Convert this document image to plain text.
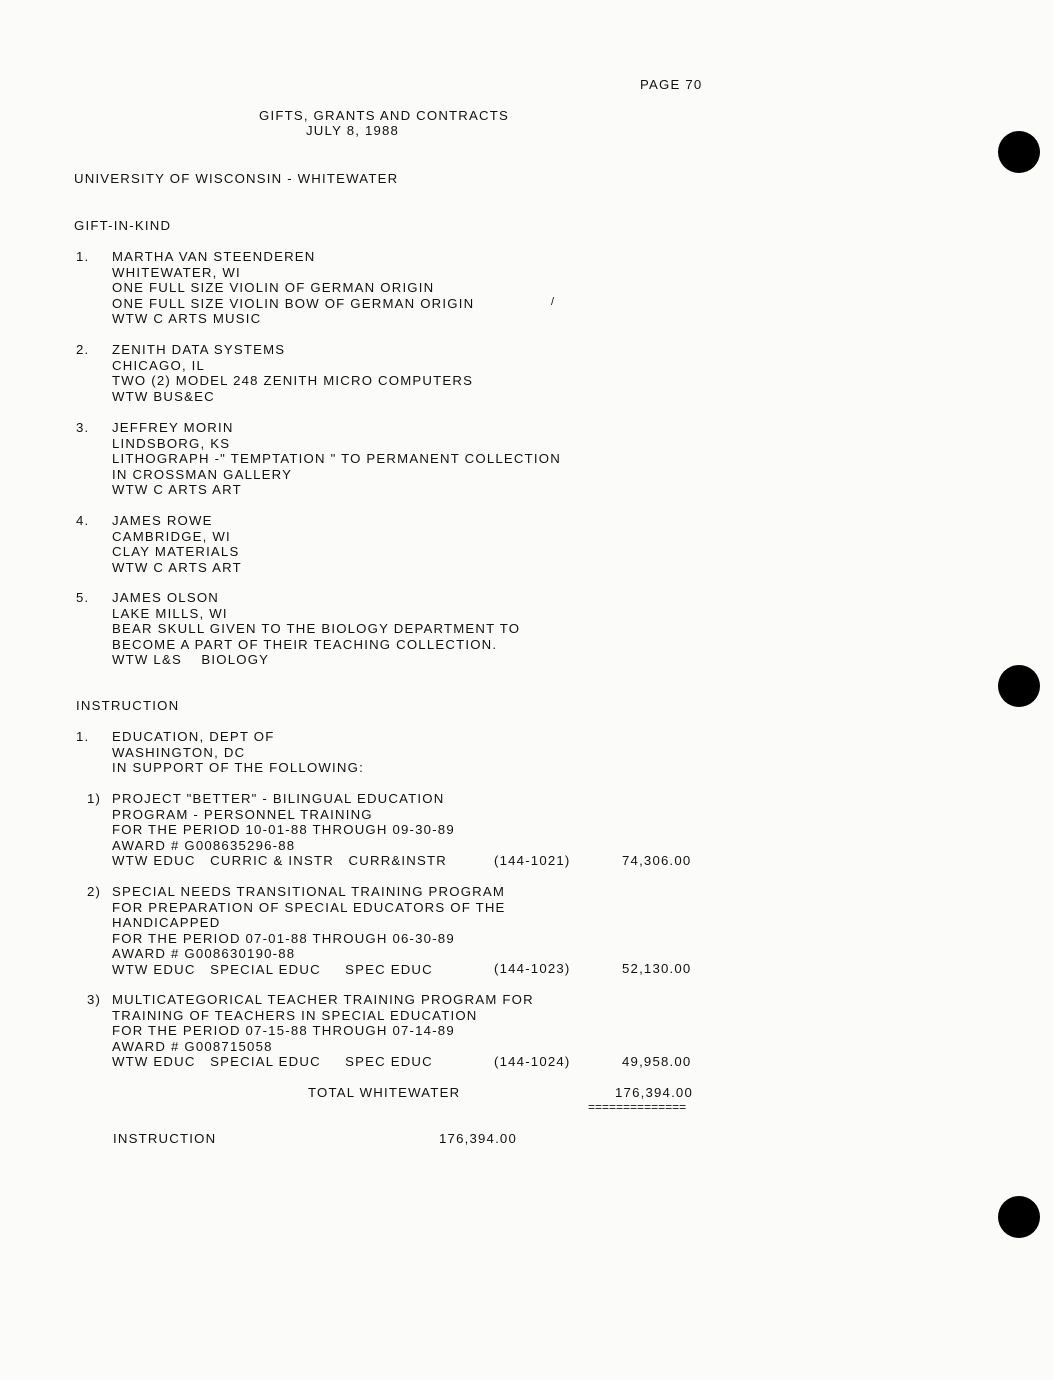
PAGE 70
GIFTS, GRANTS AND CONTRACTS
JULY 8, 1988
UNIVERSITY OF WISCONSIN - WHITEWATER
GIFT-IN-KIND
1. MARTHA VAN STEENDEREN
WHITEWATER, WI
ONE FULL SIZE VIOLIN OF GERMAN ORIGIN
ONE FULL SIZE VIOLIN BOW OF GERMAN ORIGIN
WTW C ARTS MUSIC
/
2. ZENITH DATA SYSTEMS
CHICAGO, IL
TWO (2) MODEL 248 ZENITH MICRO COMPUTERS
WTW BUS&EC
3. JEFFREY MORIN
LINDSBORG, KS
LITHOGRAPH -" TEMPTATION " TO PERMANENT COLLECTION
IN CROSSMAN GALLERY
WTW C ARTS ART
4. JAMES ROWE
CAMBRIDGE, WI
CLAY MATERIALS
WTW C ARTS ART
5. JAMES OLSON
LAKE MILLS, WI
BEAR SKULL GIVEN TO THE BIOLOGY DEPARTMENT TO
BECOME A PART OF THEIR TEACHING COLLECTION.
WTW L&S    BIOLOGY
INSTRUCTION
1. EDUCATION, DEPT OF
WASHINGTON, DC
IN SUPPORT OF THE FOLLOWING:
1) PROJECT "BETTER" - BILINGUAL EDUCATION
PROGRAM - PERSONNEL TRAINING
FOR THE PERIOD 10-01-88 THROUGH 09-30-89
AWARD # G008635296-88
WTW EDUC   CURRIC & INSTR   CURR&INSTR	(144-1021)	74,306.00
2) SPECIAL NEEDS TRANSITIONAL TRAINING PROGRAM
FOR PREPARATION OF SPECIAL EDUCATORS OF THE
HANDICAPPED
FOR THE PERIOD 07-01-88 THROUGH 06-30-89
AWARD # G008630190-88
WTW EDUC   SPECIAL EDUC     SPEC EDUC	(144-1023)	52,130.00
3) MULTICATEGORICAL TEACHER TRAINING PROGRAM FOR
TRAINING OF TEACHERS IN SPECIAL EDUCATION
FOR THE PERIOD 07-15-88 THROUGH 07-14-89
AWARD # G008715058
WTW EDUC   SPECIAL EDUC     SPEC EDUC	(144-1024)	49,958.00
TOTAL WHITEWATER	176,394.00
==============
INSTRUCTION	176,394.00
